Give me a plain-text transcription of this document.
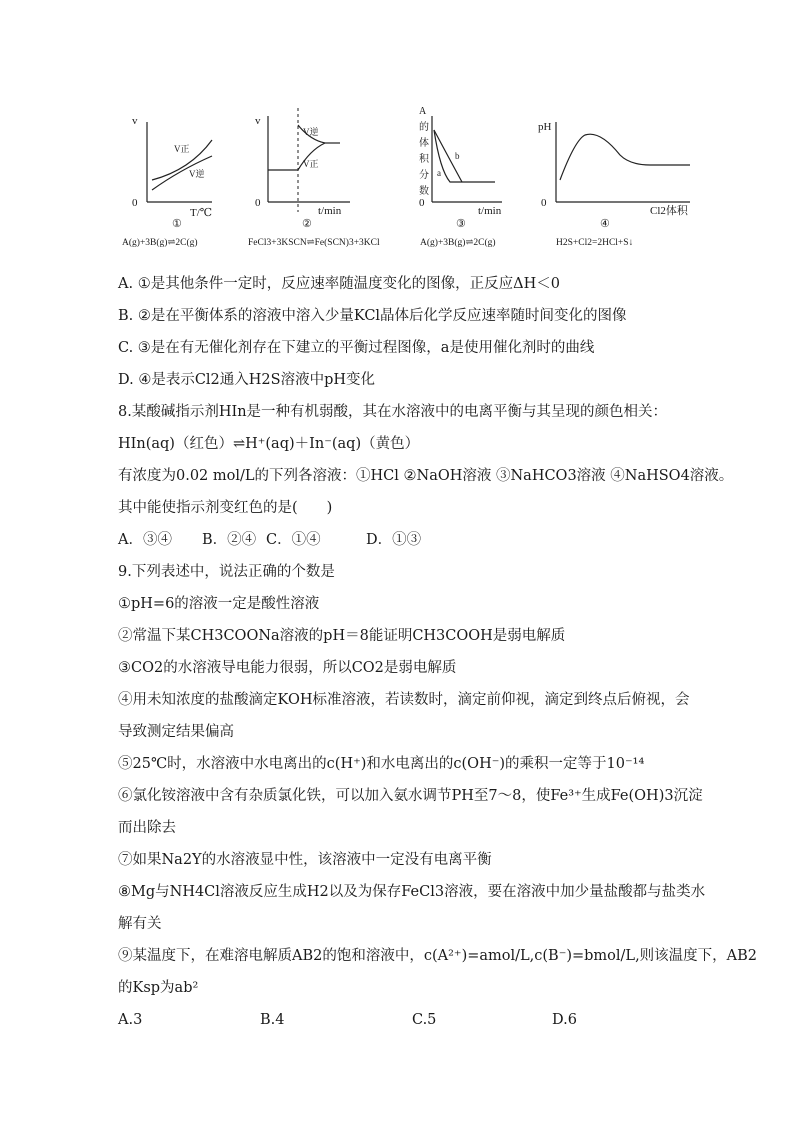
v
0
T/℃
V正
V逆
①
A(g)+3B(g)⇌2C(g)
v
0
t/min
V逆
V正
②
FeCl3+3KSCN⇌Fe(SCN)3+3KCl
A 的 体 积 分 数
0
t/min
a
b
③
A(g)+3B(g)⇌2C(g)
pH
0
Cl2体积
④
H2S+Cl2=2HCl+S↓
A. ①是其他条件一定时，反应速率随温度变化的图像，正反应ΔH＜0
B. ②是在平衡体系的溶液中溶入少量KCl晶体后化学反应速率随时间变化的图像
C. ③是在有无催化剂存在下建立的平衡过程图像，a是使用催化剂时的曲线
D. ④是表示Cl2通入H2S溶液中pH变化
8.某酸碱指示剂HIn是一种有机弱酸，其在水溶液中的电离平衡与其呈现的颜色相关：
HIn(aq)（红色）⇌H⁺(aq)＋In⁻(aq)（黄色）
有浓度为0.02 mol/L的下列各溶液：①HCl ②NaOH溶液 ③NaHCO3溶液 ④NaHSO4溶液。
其中能使指示剂变红色的是(　　)
A．③④	B．②④ C．①④	D．①③
9.下列表述中，说法正确的个数是
①pH=6的溶液一定是酸性溶液
②常温下某CH3COONa溶液的pH＝8能证明CH3COOH是弱电解质
③CO2的水溶液导电能力很弱，所以CO2是弱电解质
④用未知浓度的盐酸滴定KOH标准溶液，若读数时，滴定前仰视，滴定到终点后俯视，会
导致测定结果偏高
⑤25℃时，水溶液中水电离出的c(H⁺)和水电离出的c(OH⁻)的乘积一定等于10⁻¹⁴
⑥氯化铵溶液中含有杂质氯化铁，可以加入氨水调节PH至7～8，使Fe³⁺生成Fe(OH)3沉淀
而出除去
⑦如果Na2Y的水溶液显中性，该溶液中一定没有电离平衡
⑧Mg与NH4Cl溶液反应生成H2以及为保存FeCl3溶液，要在溶液中加少量盐酸都与盐类水
解有关
⑨某温度下，在难溶电解质AB2的饱和溶液中，c(A²⁺)=amol/L,c(B⁻)=bmol/L,则该温度下，AB2
的Ksp为ab²
A.3	B.4	C.5	D.6
